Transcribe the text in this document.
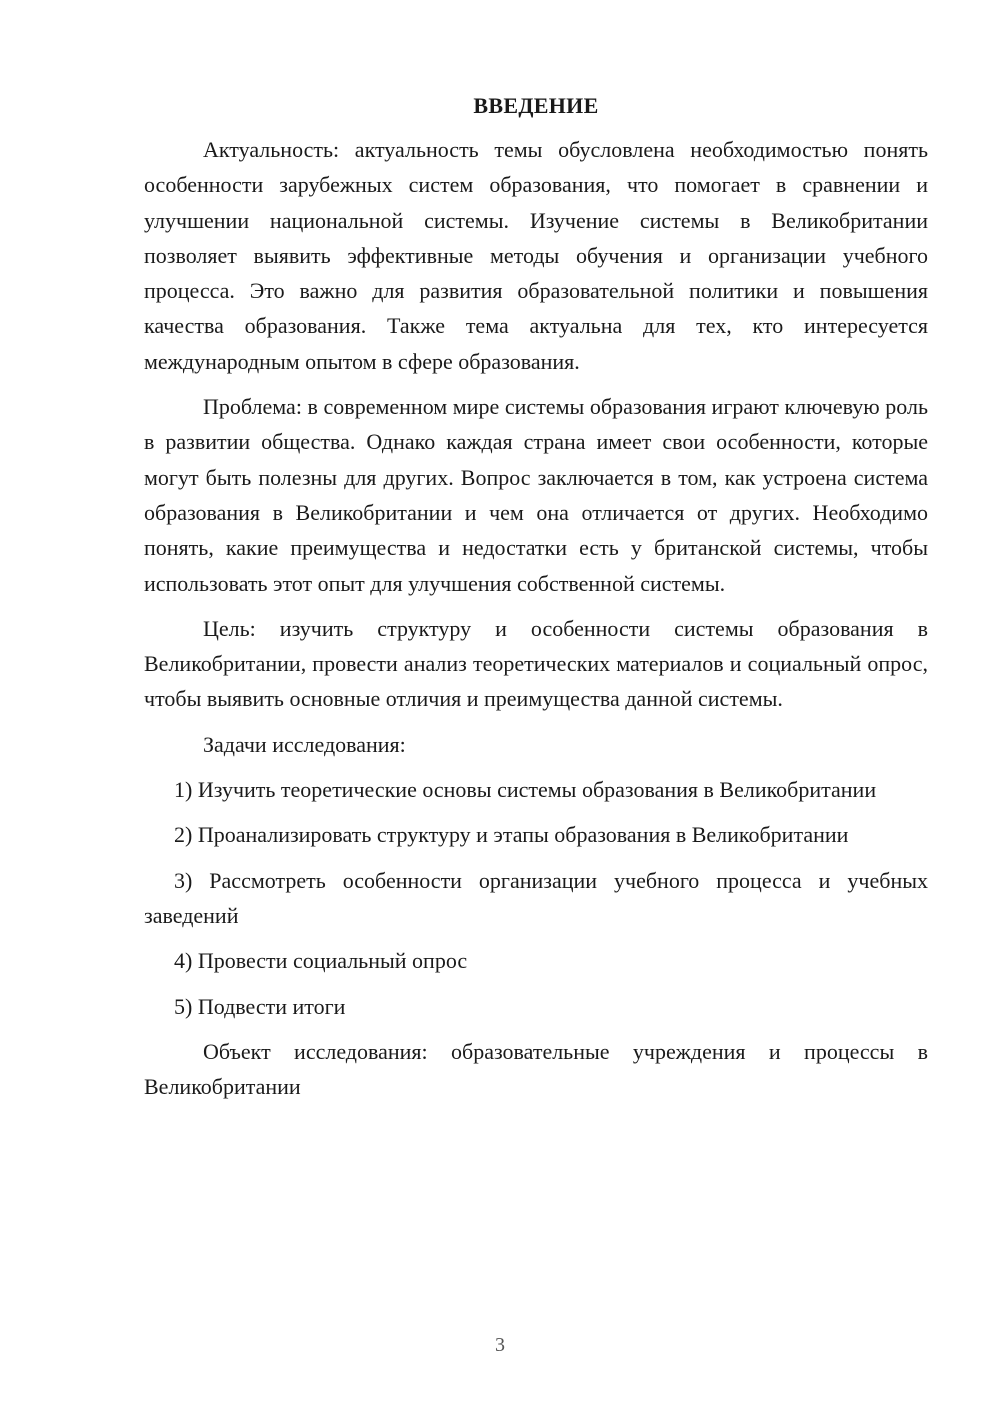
ВВЕДЕНИЕ

Актуальность: актуальность темы обусловлена необходимостью понять особенности зарубежных систем образования, что помогает в сравнении и улучшении национальной системы. Изучение системы в Великобритании позволяет выявить эффективные методы обучения и организации учебного процесса. Это важно для развития образовательной политики и повышения качества образования. Также тема актуальна для тех, кто интересуется международным опытом в сфере образования.

Проблема: в современном мире системы образования играют ключевую роль в развитии общества. Однако каждая страна имеет свои особенности, которые могут быть полезны для других. Вопрос заключается в том, как устроена система образования в Великобритании и чем она отличается от других. Необходимо понять, какие преимущества и недостатки есть у британской системы, чтобы использовать этот опыт для улучшения собственной системы.

Цель: изучить структуру и особенности системы образования в Великобритании, провести анализ теоретических материалов и социальный опрос, чтобы выявить основные отличия и преимущества данной системы.

Задачи исследования:

1) Изучить теоретические основы системы образования в Великобритании

2) Проанализировать структуру и этапы образования в Великобритании

3) Рассмотреть особенности организации учебного процесса и учебных заведений

4) Провести социальный опрос

5) Подвести итоги

Объект исследования: образовательные учреждения и процессы в Великобритании

3
